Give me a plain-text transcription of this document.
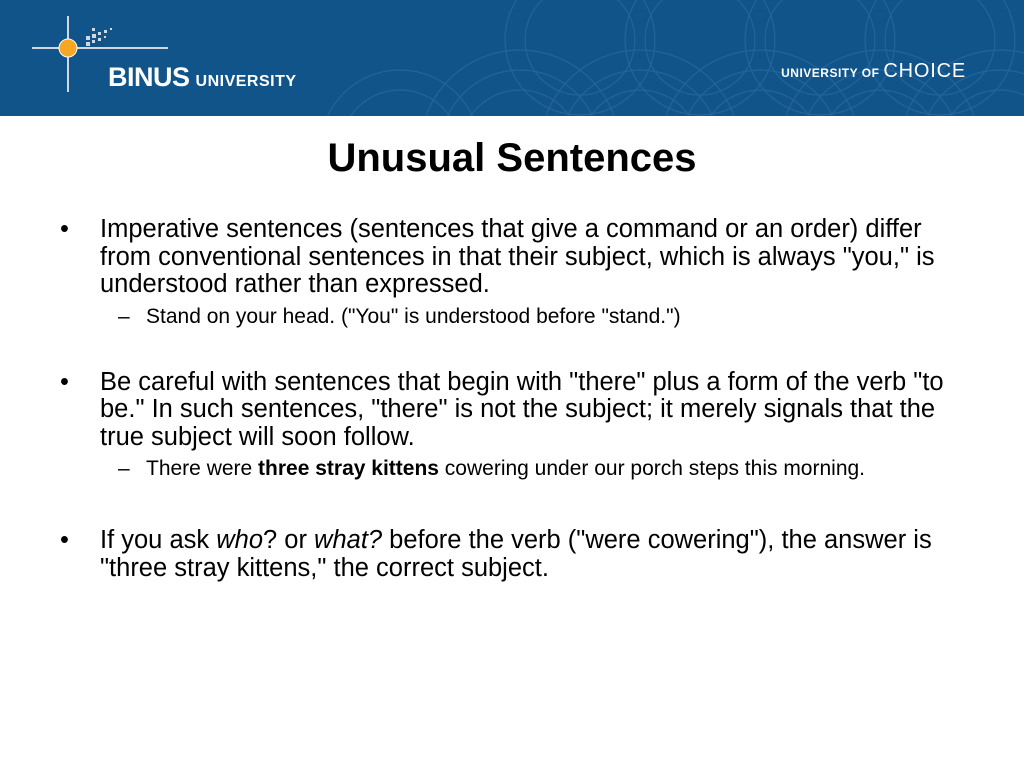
BINUS UNIVERSITY	UNIVERSITY OF CHOICE
Unusual Sentences
• Imperative sentences (sentences that give a command or an order) differ from conventional sentences in that their subject, which is always "you," is understood rather than expressed.
– Stand on your head. ("You" is understood before "stand.")
• Be careful with sentences that begin with "there" plus a form of the verb "to be." In such sentences, "there" is not the subject; it merely signals that the true subject will soon follow.
– There were three stray kittens cowering under our porch steps this morning.
• If you ask who? or what? before the verb ("were cowering"), the answer is "three stray kittens," the correct subject.
